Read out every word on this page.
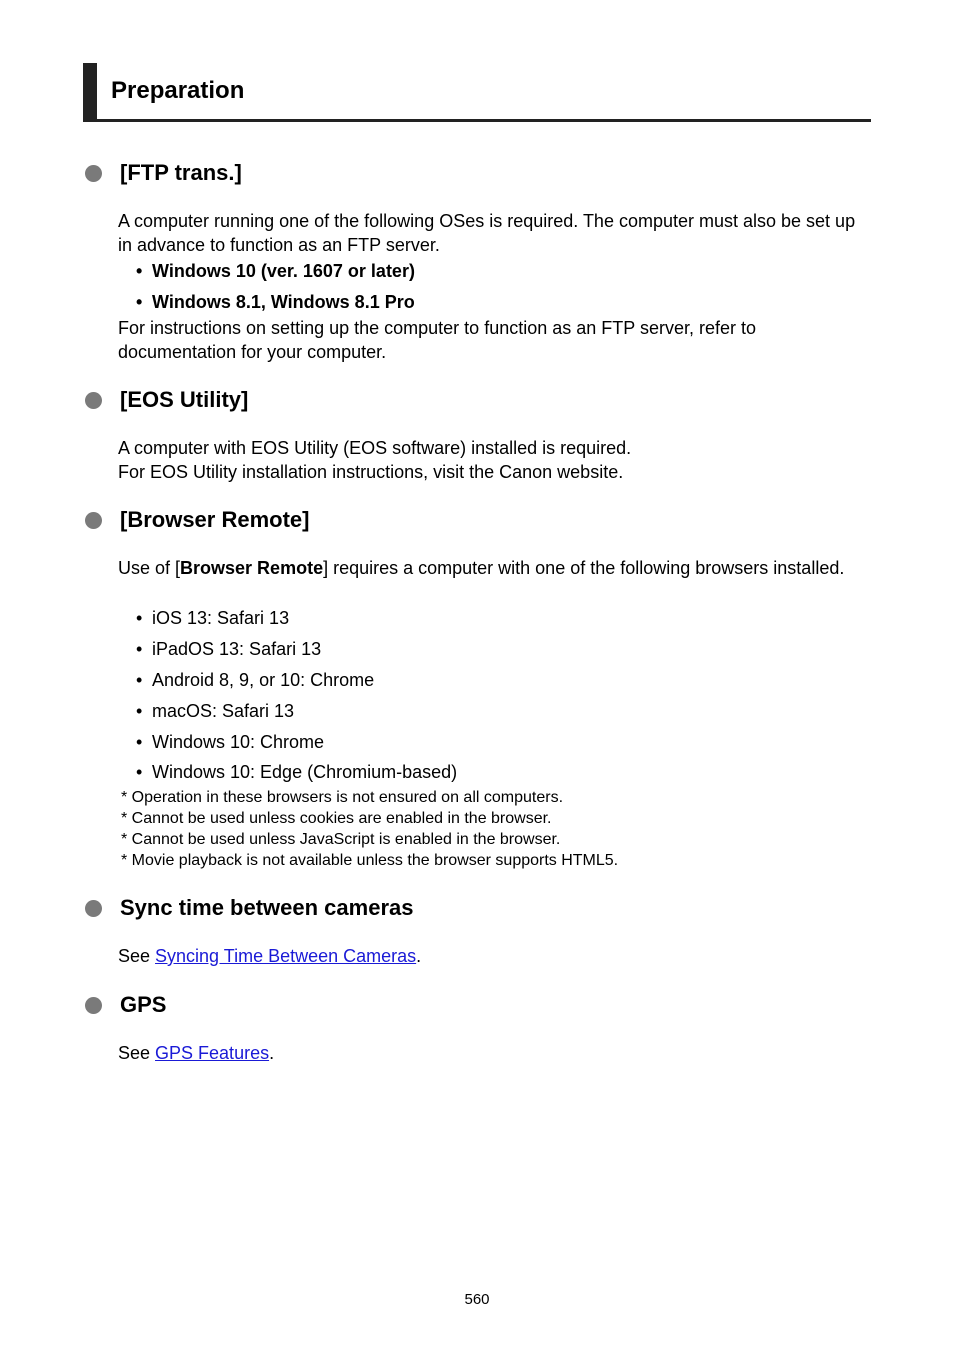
Preparation
[FTP trans.]
A computer running one of the following OSes is required. The computer must also be set up in advance to function as an FTP server.
• Windows 10 (ver. 1607 or later)
• Windows 8.1, Windows 8.1 Pro
For instructions on setting up the computer to function as an FTP server, refer to documentation for your computer.
[EOS Utility]
A computer with EOS Utility (EOS software) installed is required.
For EOS Utility installation instructions, visit the Canon website.
[Browser Remote]
Use of [Browser Remote] requires a computer with one of the following browsers installed.
• iOS 13: Safari 13
• iPadOS 13: Safari 13
• Android 8, 9, or 10: Chrome
• macOS: Safari 13
• Windows 10: Chrome
• Windows 10: Edge (Chromium-based)
* Operation in these browsers is not ensured on all computers.
* Cannot be used unless cookies are enabled in the browser.
* Cannot be used unless JavaScript is enabled in the browser.
* Movie playback is not available unless the browser supports HTML5.
Sync time between cameras
See Syncing Time Between Cameras.
GPS
See GPS Features.
560
